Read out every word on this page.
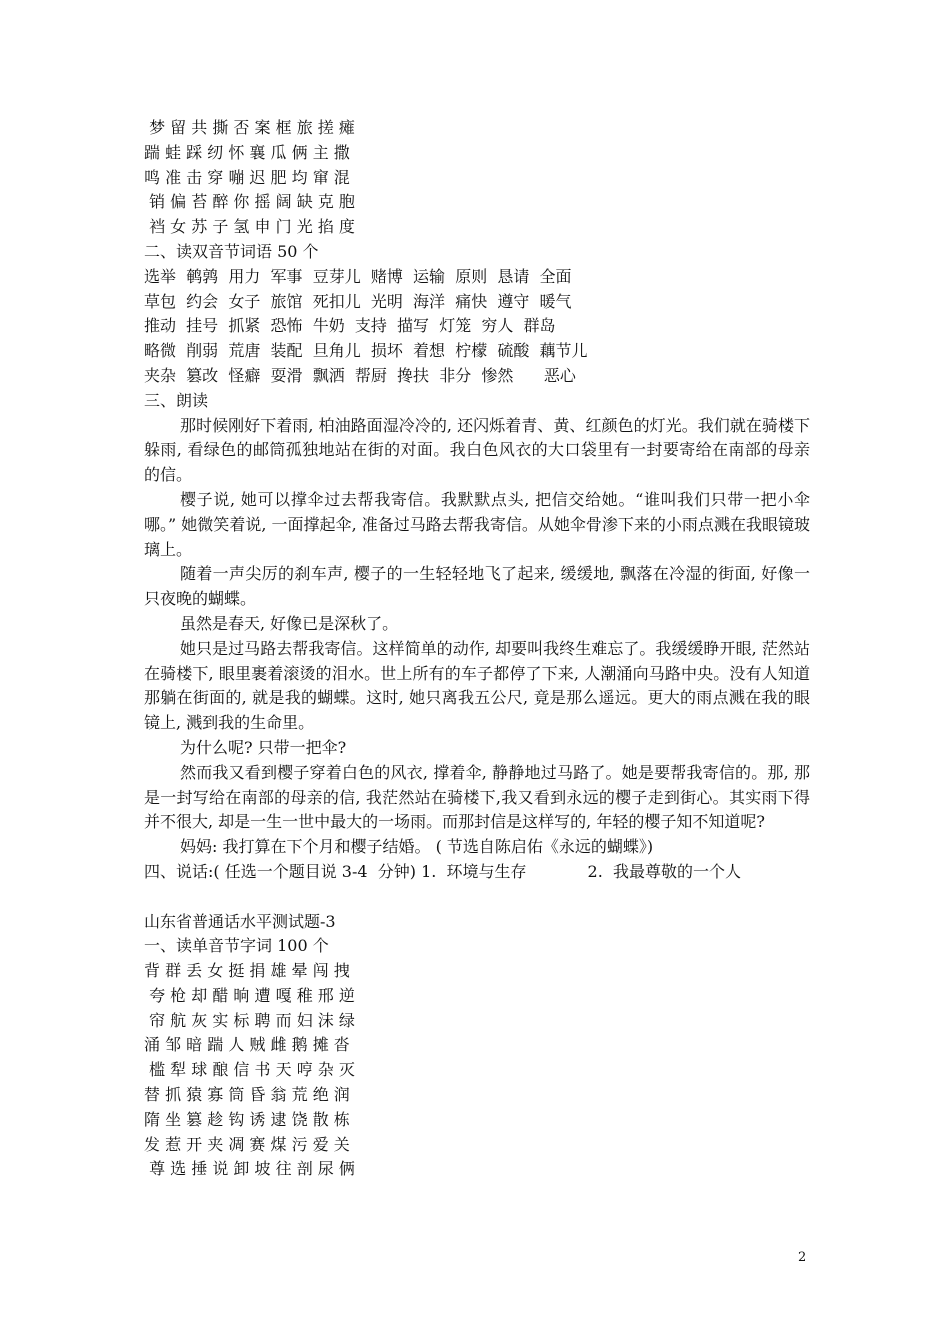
梦 留 共 撕 否 案 框 旅 搓 瘫
踹 蛙 踩 纫 怀 襄 瓜 俩 主 撒
鸣 准 击 穿 嘣 迟 肥 均 窜 混
销 偏 苔 醉 你 摇 阔 缺 克 胞
裆 女 苏 子 氢 申 门 光 掐 度
二、读双音节词语 50 个
选举  鹌鹑  用力  军事  豆芽儿  赌博  运输  原则  恳请  全面
草包  约会  女子  旅馆  死扣儿  光明  海洋  痛快  遵守  暖气
推动  挂号  抓紧  恐怖  牛奶  支持  描写  灯笼  穷人  群岛
略微  削弱  荒唐  装配  旦角儿  损坏  着想  柠檬  硫酸  藕节儿
夹杂  篡改  怪癖  耍滑  飘洒  帮厨  搀扶  非分  惨然      恶心
三、朗读
那时候刚好下着雨, 柏油路面湿冷冷的, 还闪烁着青、黄、红颜色的灯光。我们就在骑楼下躲雨, 看绿色的邮筒孤独地站在街的对面。我白色风衣的大口袋里有一封要寄给在南部的母亲的信。
樱子说, 她可以撑伞过去帮我寄信。我默默点头, 把信交给她。“谁叫我们只带一把小伞哪。” 她微笑着说, 一面撑起伞, 准备过马路去帮我寄信。从她伞骨渗下来的小雨点溅在我眼镜玻璃上。
随着一声尖厉的刹车声, 樱子的一生轻轻地飞了起来, 缓缓地, 飘落在冷湿的街面, 好像一只夜晚的蝴蝶。
虽然是春天, 好像已是深秋了。
她只是过马路去帮我寄信。这样简单的动作, 却要叫我终生难忘了。我缓缓睁开眼, 茫然站在骑楼下, 眼里裹着滚烫的泪水。世上所有的车子都停了下来, 人潮涌向马路中央。没有人知道那躺在街面的, 就是我的蝴蝶。这时, 她只离我五公尺, 竟是那么遥远。更大的雨点溅在我的眼镜上, 溅到我的生命里。
为什么呢? 只带一把伞?
然而我又看到樱子穿着白色的风衣, 撑着伞, 静静地过马路了。她是要帮我寄信的。那, 那是一封写给在南部的母亲的信, 我茫然站在骑楼下,我又看到永远的樱子走到街心。其实雨下得并不很大, 却是一生一世中最大的一场雨。而那封信是这样写的, 年轻的樱子知不知道呢?
妈妈: 我打算在下个月和樱子结婚。 ( 节选自陈启佑《永远的蝴蝶》)
四、说话:( 任选一个题目说 3-4  分钟) 1.  环境与生存            2.  我最尊敬的一个人
山东省普通话水平测试题-3
一、读单音节字词 100 个
背 群 丢 女 挺 捐 雄 晕 闯 拽
夸 枪 却 醋 晌 遭 嘎 稚 邢 逆
帘 航 灰 实 标 聘 而 妇 沫 绿
涌 邹 暗 踹 人 贼 雌 鹅 摊 沓
槛 犁 球 酿 信 书 天 哼 杂 灭
替 抓 猿 寡 筒 昏 翁 荒 绝 润
隋 坐 篡 趁 钩 诱 逮 饶 散 栋
发 惹 开 夹 凋 赛 煤 污 爱 关
尊 选 捶 说 卸 坡 往 剖 尿 俩
2
